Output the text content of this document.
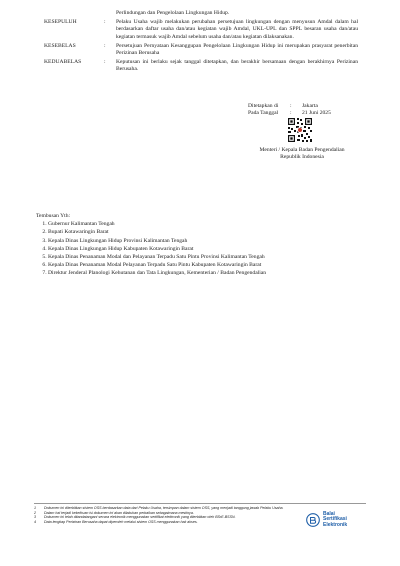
Perlindungan dan Pengelolaan Lingkungan Hidup.
KESEPULUH	:	Pelaku Usaha wajib melakukan perubahan persetujuan lingkungan dengan menyusun Amdal dalam hal berdasarkan daftar usaha dan/atau kegiatan wajib Amdal, UKL-UPL dan SPPL besaran usaha dan/atau kegiatan termasuk wajib Amdal sebelum usaha dan/atau kegiatan dilaksanakan.
KESEBELAS	:	Persetujuan Pernyataan Kesanggupan Pengelolaan Lingkungan Hidup ini merupakan prasyarat penerbitan Perizinan Berusaha
KEDUABELAS	:	Keputusan ini berlaku sejak tanggal ditetapkan, dan berakhir bersamaan dengan berakhirnya Perizinan Berusaha.
Ditetapkan di	:	Jakarta
Pada Tanggal	:	21 Juni 2025
Menteri / Kepala Badan Pengendalian
Republik Indonesia
Tembusan Yth:
1. Gubernur Kalimantan Tengah
2. Bupati Kotawaringin Barat
3. Kepala Dinas Lingkungan Hidup Provinsi Kalimantan Tengah
4. Kepala Dinas Lingkungan Hidup Kabupaten Kotawaringin Barat
5. Kepala Dinas Penanaman Modal dan Pelayanan Terpadu Satu Pintu Provinsi Kalimantan Tengah
6. Kepala Dinas Penanaman Modal Pelayanan Terpadu Satu Pintu Kabupaten Kotawaringin Barat
7. Direktur Jenderal Planologi Kehutanan dan Tata Lingkungan, Kementerian / Badan Pengendalian
1	Dokumen ini diterbitkan sistem OSS berdasarkan data dari Pelaku Usaha, tersimpan dalam sistem OSS, yang menjadi tanggung jawab Pelaku Usaha.
2	Dalam hal terjadi kekeliruan isi dokumen ini akan dilakukan perbaikan sebagaimana mestinya.
3	Dokumen ini telah ditandatangani secara elektronik menggunakan sertifikat elektronik yang diterbitkan oleh BSrE-BSSN.
4	Data lengkap Perizinan Berusaha dapat diperoleh melalui sistem OSS menggunakan hak akses.
Balai
Sertifikasi
Elektronik
